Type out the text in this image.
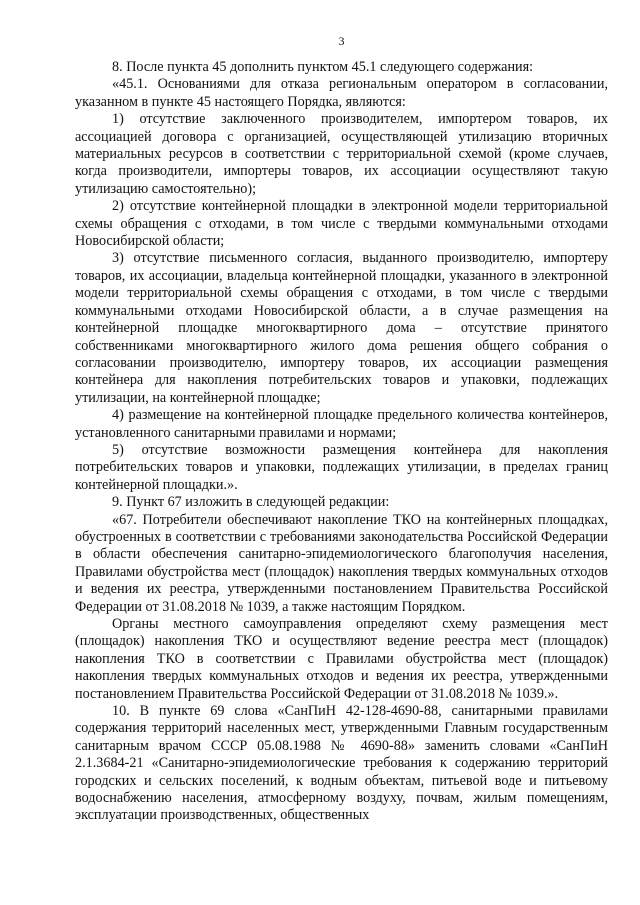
3

8. После пункта 45 дополнить пунктом 45.1 следующего содержания:

«45.1. Основаниями для отказа региональным оператором в согласовании, указанном в пункте 45 настоящего Порядка, являются:

1) отсутствие заключенного производителем, импортером товаров, их ассоциацией договора с организацией, осуществляющей утилизацию вторичных материальных ресурсов в соответствии с территориальной схемой (кроме случаев, когда производители, импортеры товаров, их ассоциации осуществляют такую утилизацию самостоятельно);

2) отсутствие контейнерной площадки в электронной модели территориальной схемы обращения с отходами, в том числе с твердыми коммунальными отходами Новосибирской области;

3) отсутствие письменного согласия, выданного производителю, импортеру товаров, их ассоциации, владельца контейнерной площадки, указанного в электронной модели территориальной схемы обращения с отходами, в том числе с твердыми коммунальными отходами Новосибирской области, а в случае размещения на контейнерной площадке многоквартирного дома – отсутствие принятого собственниками многоквартирного жилого дома решения общего собрания о согласовании производителю, импортеру товаров, их ассоциации размещения контейнера для накопления потребительских товаров и упаковки, подлежащих утилизации, на контейнерной площадке;

4) размещение на контейнерной площадке предельного количества контейнеров, установленного санитарными правилами и нормами;

5) отсутствие возможности размещения контейнера для накопления потребительских товаров и упаковки, подлежащих утилизации, в пределах границ контейнерной площадки.».

9. Пункт 67 изложить в следующей редакции:

«67. Потребители обеспечивают накопление ТКО на контейнерных площадках, обустроенных в соответствии с требованиями законодательства Российской Федерации в области обеспечения санитарно-эпидемиологического благополучия населения, Правилами обустройства мест (площадок) накопления твердых коммунальных отходов и ведения их реестра, утвержденными постановлением Правительства Российской Федерации от 31.08.2018 № 1039, а также настоящим Порядком.

Органы местного самоуправления определяют схему размещения мест (площадок) накопления ТКО и осуществляют ведение реестра мест (площадок) накопления ТКО в соответствии с Правилами обустройства мест (площадок) накопления твердых коммунальных отходов и ведения их реестра, утвержденными постановлением Правительства Российской Федерации от 31.08.2018 № 1039.».

10. В пункте 69 слова «СанПиН 42-128-4690-88, санитарными правилами содержания территорий населенных мест, утвержденными Главным государственным санитарным врачом СССР 05.08.1988 № 4690-88» заменить словами «СанПиН 2.1.3684-21 «Санитарно-эпидемиологические требования к содержанию территорий городских и сельских поселений, к водным объектам, питьевой воде и питьевому водоснабжению населения, атмосферному воздуху, почвам, жилым помещениям, эксплуатации производственных, общественных
